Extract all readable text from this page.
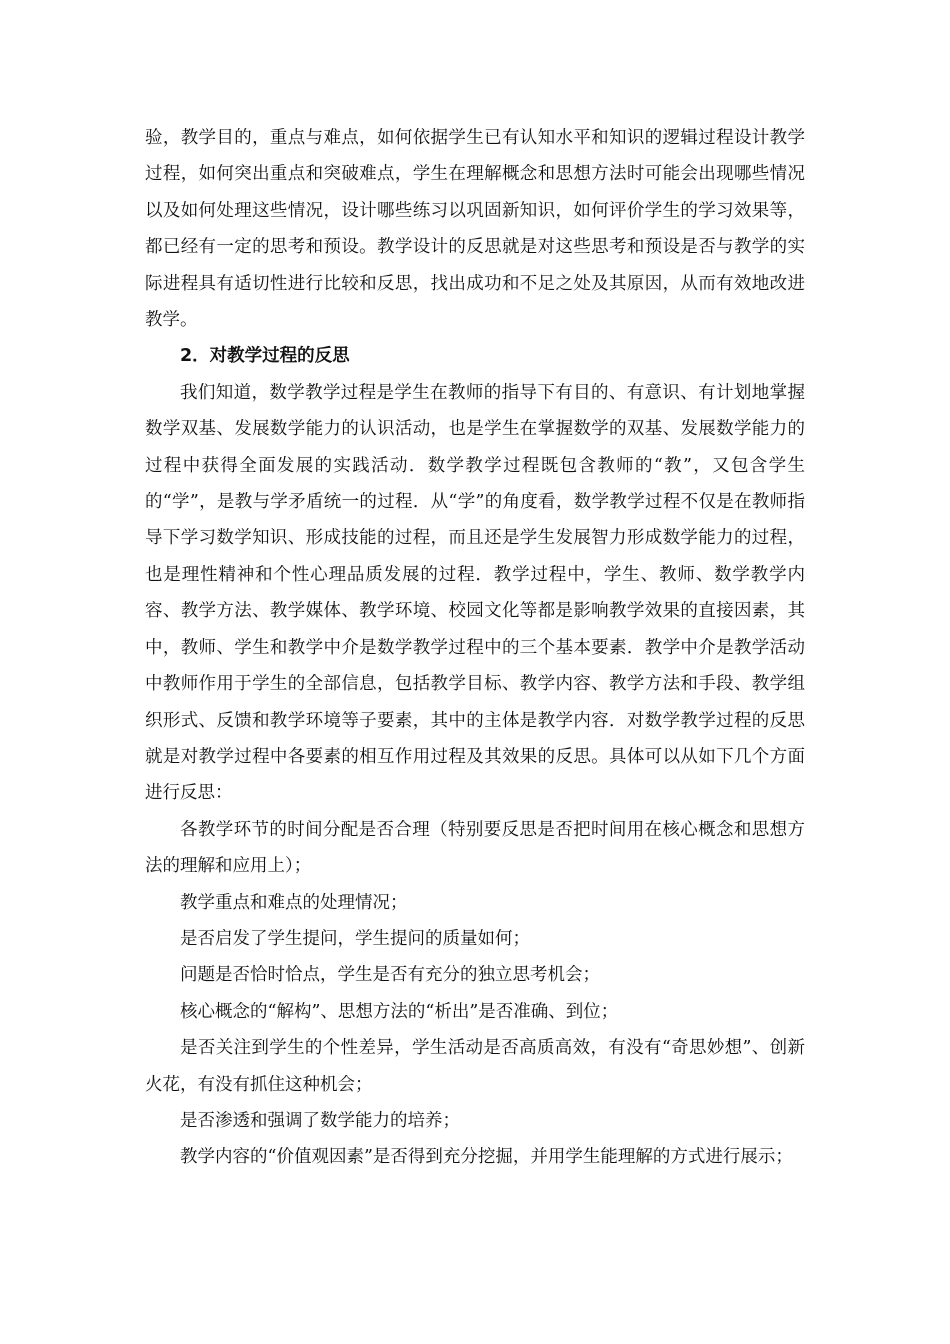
验，教学目的，重点与难点，如何依据学生已有认知水平和知识的逻辑过程设计教学过程，如何突出重点和突破难点，学生在理解概念和思想方法时可能会出现哪些情况以及如何处理这些情况，设计哪些练习以巩固新知识，如何评价学生的学习效果等，都已经有一定的思考和预设。教学设计的反思就是对这些思考和预设是否与教学的实际进程具有适切性进行比较和反思，找出成功和不足之处及其原因，从而有效地改进教学。

2．对教学过程的反思

我们知道，数学教学过程是学生在教师的指导下有目的、有意识、有计划地掌握数学双基、发展数学能力的认识活动，也是学生在掌握数学的双基、发展数学能力的过程中获得全面发展的实践活动．数学教学过程既包含教师的“教”，又包含学生的“学”，是教与学矛盾统一的过程．从“学”的角度看，数学教学过程不仅是在教师指导下学习数学知识、形成技能的过程，而且还是学生发展智力形成数学能力的过程，也是理性精神和个性心理品质发展的过程．教学过程中，学生、教师、数学教学内容、教学方法、教学媒体、教学环境、校园文化等都是影响教学效果的直接因素，其中，教师、学生和教学中介是数学教学过程中的三个基本要素．教学中介是教学活动中教师作用于学生的全部信息，包括教学目标、教学内容、教学方法和手段、教学组织形式、反馈和教学环境等子要素，其中的主体是教学内容．对数学教学过程的反思就是对教学过程中各要素的相互作用过程及其效果的反思。具体可以从如下几个方面进行反思：

各教学环节的时间分配是否合理（特别要反思是否把时间用在核心概念和思想方法的理解和应用上）；

教学重点和难点的处理情况；

是否启发了学生提问，学生提问的质量如何；

问题是否恰时恰点，学生是否有充分的独立思考机会；

核心概念的“解构”、思想方法的“析出”是否准确、到位；

是否关注到学生的个性差异，学生活动是否高质高效，有没有“奇思妙想”、创新火花，有没有抓住这种机会；

是否渗透和强调了数学能力的培养；

教学内容的“价值观因素”是否得到充分挖掘，并用学生能理解的方式进行展示；
